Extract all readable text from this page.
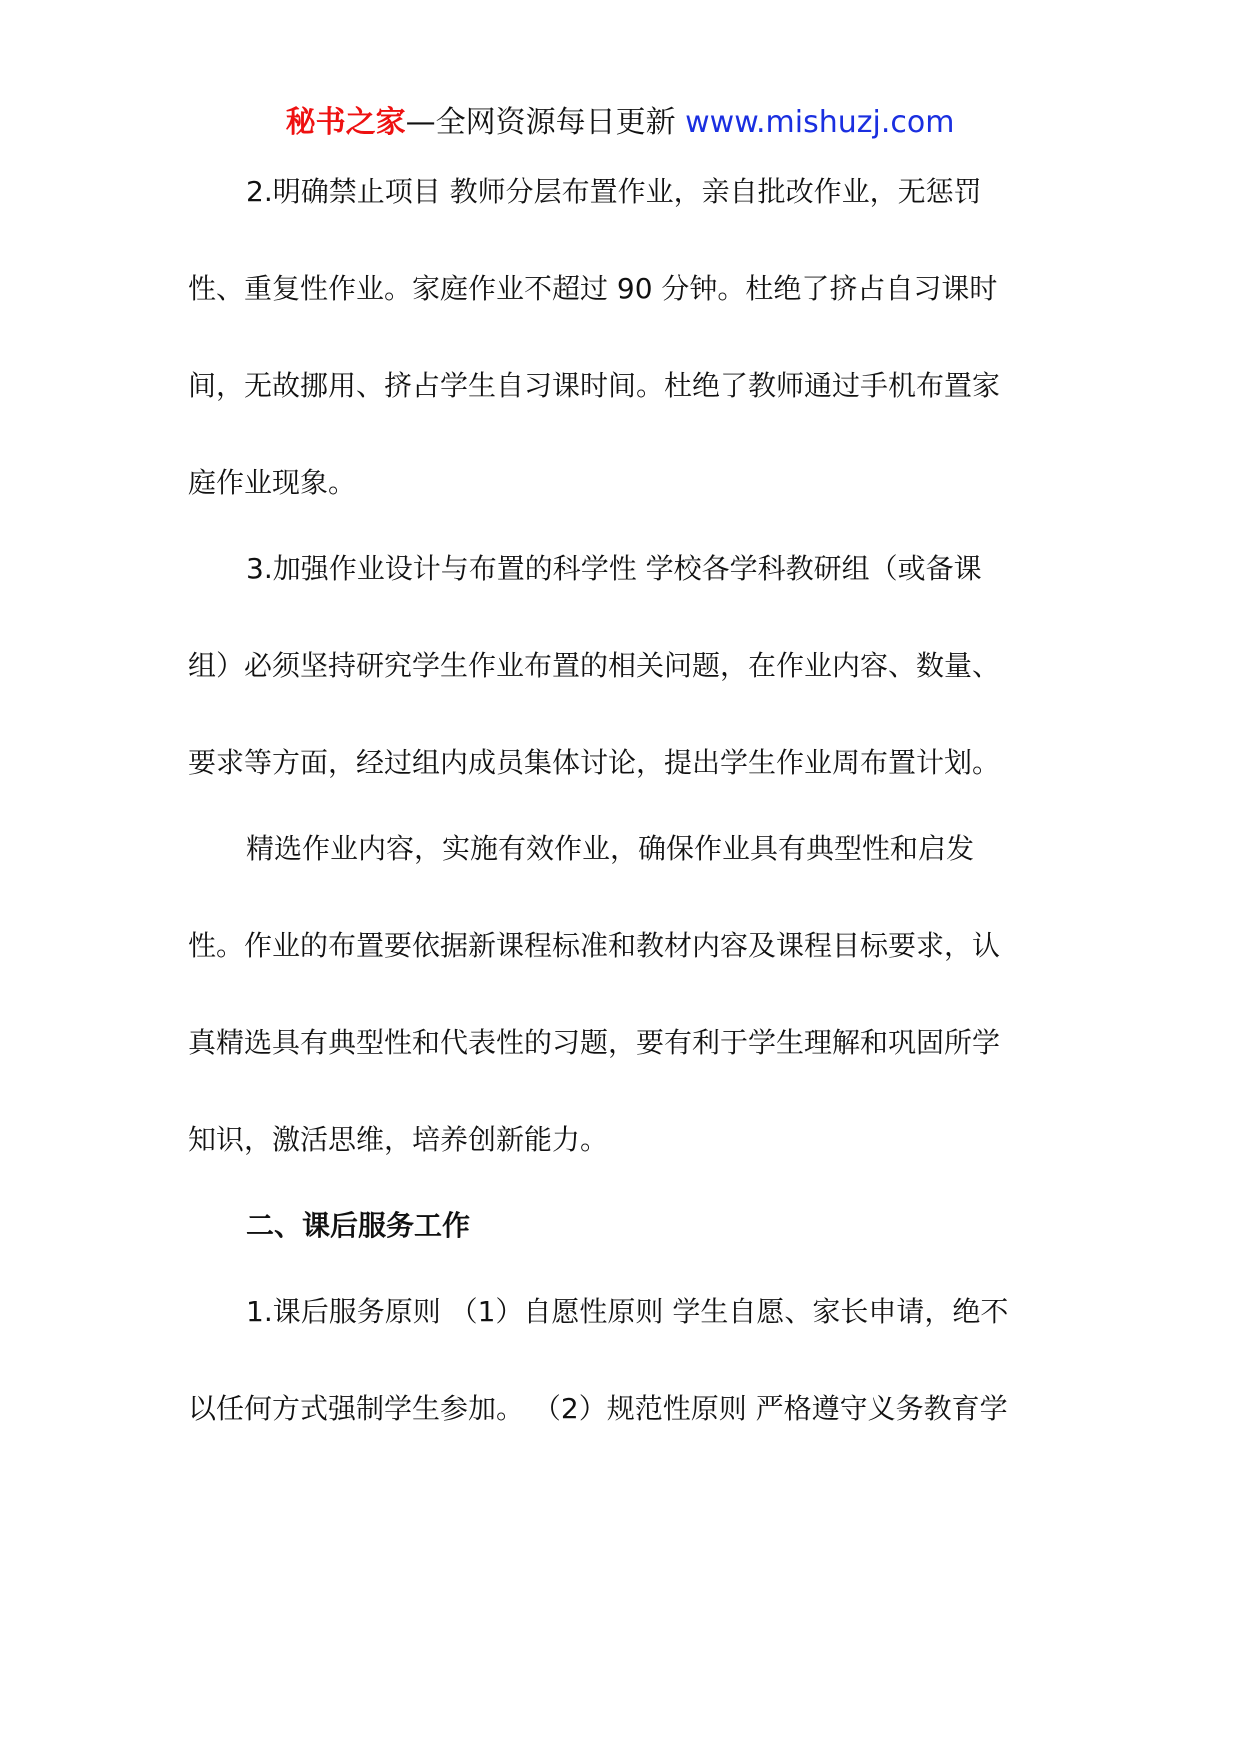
秘书之家—全网资源每日更新 www.mishuzj.com
2.明确禁止项目 教师分层布置作业，亲自批改作业，无惩罚
性、重复性作业。家庭作业不超过 90 分钟。杜绝了挤占自习课时
间，无故挪用、挤占学生自习课时间。杜绝了教师通过手机布置家
庭作业现象。
3.加强作业设计与布置的科学性 学校各学科教研组（或备课
组）必须坚持研究学生作业布置的相关问题，在作业内容、数量、
要求等方面，经过组内成员集体讨论，提出学生作业周布置计划。
精选作业内容，实施有效作业，确保作业具有典型性和启发
性。作业的布置要依据新课程标准和教材内容及课程目标要求，认
真精选具有典型性和代表性的习题，要有利于学生理解和巩固所学
知识，激活思维，培养创新能力。
二、课后服务工作
1.课后服务原则 （1）自愿性原则 学生自愿、家长申请，绝不
以任何方式强制学生参加。 （2）规范性原则 严格遵守义务教育学
